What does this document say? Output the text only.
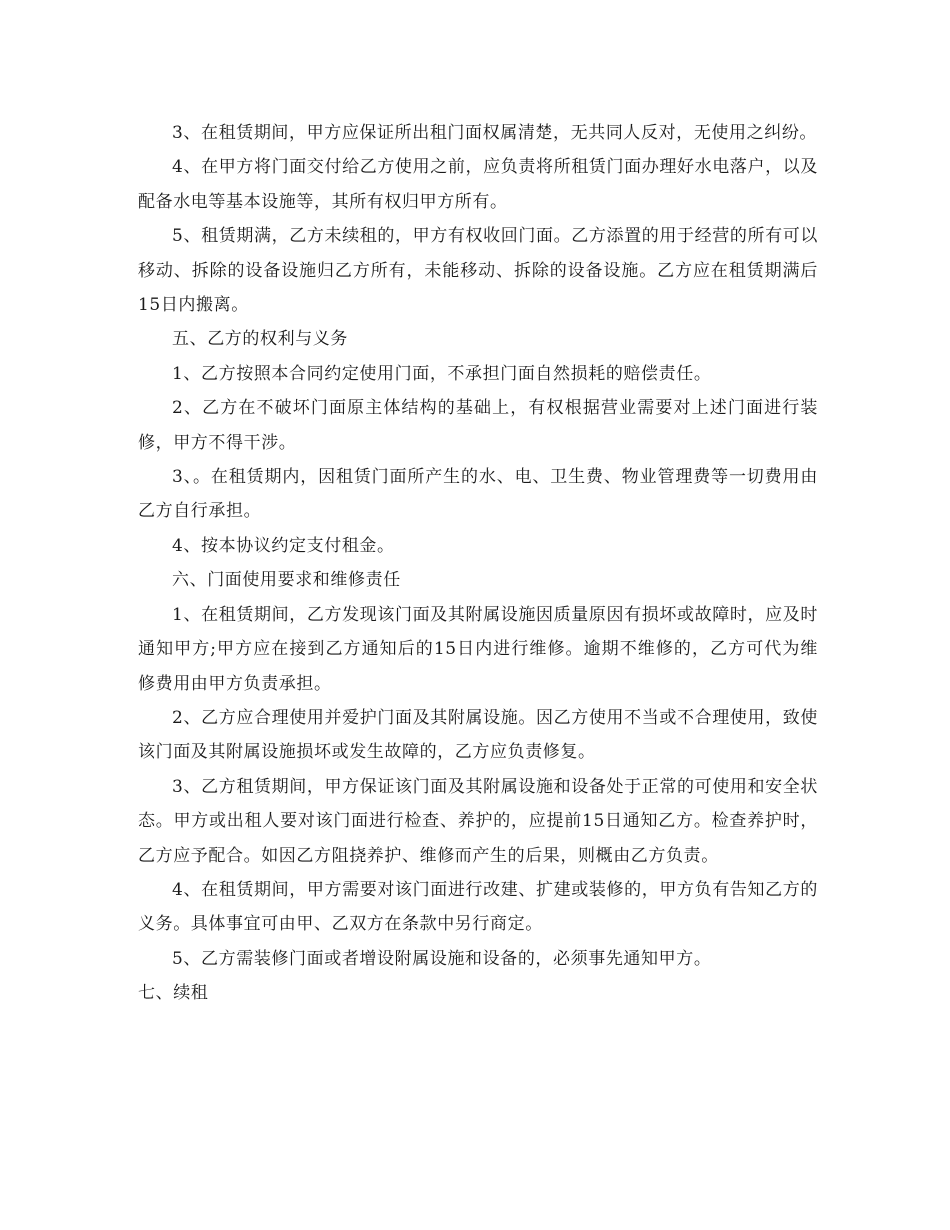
3、在租赁期间，甲方应保证所出租门面权属清楚，无共同人反对，无使用之纠纷。

4、在甲方将门面交付给乙方使用之前，应负责将所租赁门面办理好水电落户，以及配备水电等基本设施等，其所有权归甲方所有。

5、租赁期满，乙方未续租的，甲方有权收回门面。乙方添置的用于经营的所有可以移动、拆除的设备设施归乙方所有，未能移动、拆除的设备设施。乙方应在租赁期满后15日内搬离。

五、乙方的权利与义务

1、乙方按照本合同约定使用门面，不承担门面自然损耗的赔偿责任。

2、乙方在不破坏门面原主体结构的基础上，有权根据营业需要对上述门面进行装修，甲方不得干涉。

3、。在租赁期内，因租赁门面所产生的水、电、卫生费、物业管理费等一切费用由乙方自行承担。

4、按本协议约定支付租金。

六、门面使用要求和维修责任

1、在租赁期间，乙方发现该门面及其附属设施因质量原因有损坏或故障时，应及时通知甲方;甲方应在接到乙方通知后的15日内进行维修。逾期不维修的，乙方可代为维修费用由甲方负责承担。

2、乙方应合理使用并爱护门面及其附属设施。因乙方使用不当或不合理使用，致使该门面及其附属设施损坏或发生故障的，乙方应负责修复。

3、乙方租赁期间，甲方保证该门面及其附属设施和设备处于正常的可使用和安全状态。甲方或出租人要对该门面进行检查、养护的，应提前15日通知乙方。检查养护时，乙方应予配合。如因乙方阻挠养护、维修而产生的后果，则概由乙方负责。

4、在租赁期间，甲方需要对该门面进行改建、扩建或装修的，甲方负有告知乙方的义务。具体事宜可由甲、乙双方在条款中另行商定。

5、乙方需装修门面或者增设附属设施和设备的，必须事先通知甲方。

七、续租
